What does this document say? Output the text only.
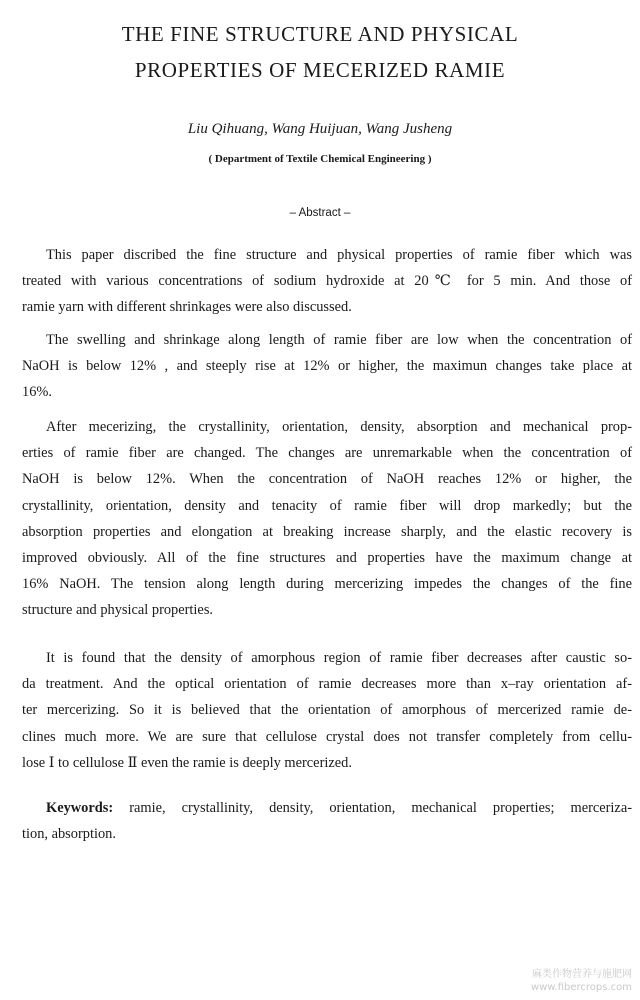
THE FINE STRUCTURE AND PHYSICAL
PROPERTIES OF MECERIZED RAMIE
Liu Qihuang, Wang Huijuan, Wang Jusheng
( Department of Textile Chemical Engineering )
– Abstract –
This paper discribed the fine structure and physical properties of ramie fiber which was
treated with various concentrations of sodium hydroxide at 20℃ for 5 min. And those of
ramie yarn with different shrinkages were also discussed.
The swelling and shrinkage along length of ramie fiber are low when the concentration of
NaOH is below 12% , and steeply rise at 12% or higher, the maximun changes take place at
16%.
After mecerizing, the crystallinity, orientation, density, absorption and mechanical prop-
erties of ramie fiber are changed. The changes are unremarkable when the concentration of
NaOH is below 12%. When the concentration of NaOH reaches 12% or higher, the
crystallinity, orientation, density and tenacity of ramie fiber will drop markedly; but the
absorption properties and elongation at breaking increase sharply, and the elastic recovery is
improved obviously. All of the fine structures and properties have the maximum change at
16% NaOH. The tension along length during mercerizing impedes the changes of the fine
structure and physical properties.
It is found that the density of amorphous region of ramie fiber decreases after caustic so-
da treatment. And the optical orientation of ramie decreases more than x–ray orientation af-
ter mercerizing. So it is believed that the orientation of amorphous of mercerized ramie de-
clines much more. We are sure that cellulose crystal does not transfer completely from cellu-
lose Ⅰ to cellulose Ⅱ even the ramie is deeply mercerized.
Keywords: ramie, crystallinity, density, orientation, mechanical properties; merceriza-
tion, absorption.
麻类作物营养与施肥网
www.fibercrops.com
